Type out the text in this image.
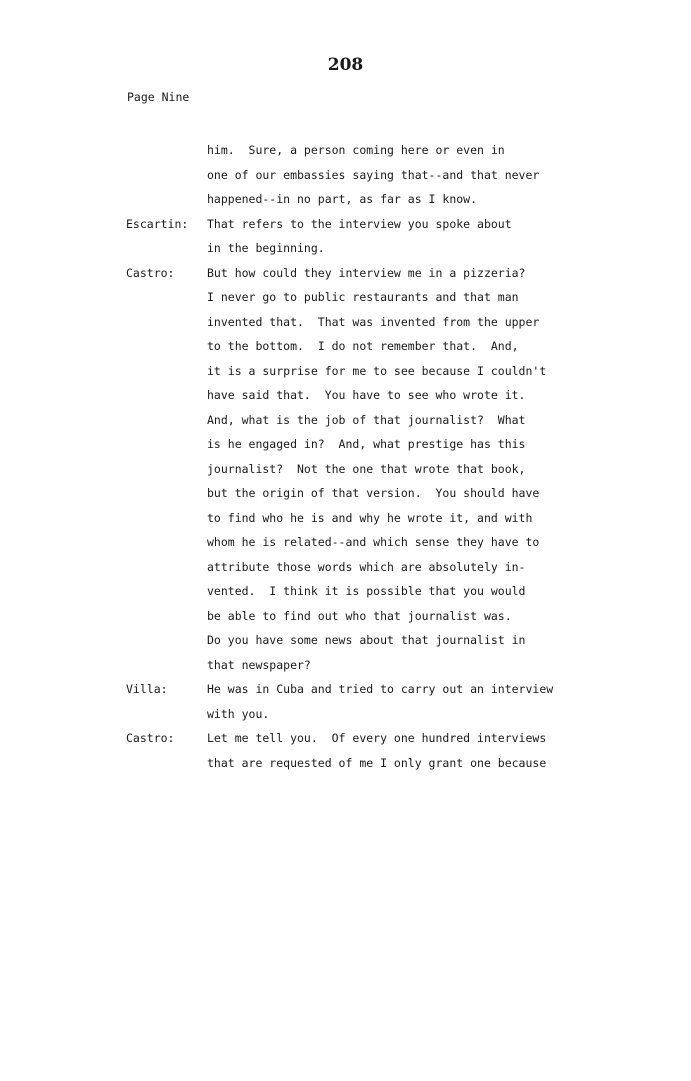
208
Page Nine
him.  Sure, a person coming here or even in
one of our embassies saying that--and that never
happened--in no part, as far as I know.
Escartin: That refers to the interview you spoke about
in the beginning.
Castro:	But how could they interview me in a pizzeria?
I never go to public restaurants and that man
invented that.  That was invented from the upper
to the bottom.  I do not remember that.  And,
it is a surprise for me to see because I couldn't
have said that.  You have to see who wrote it.
And, what is the job of that journalist?  What
is he engaged in?  And, what prestige has this
journalist?  Not the one that wrote that book,
but the origin of that version.  You should have
to find who he is and why he wrote it, and with
whom he is related--and which sense they have to
attribute those words which are absolutely in-
vented.  I think it is possible that you would
be able to find out who that journalist was.
Do you have some news about that journalist in
that newspaper?
Villa:	He was in Cuba and tried to carry out an interview
with you.
Castro:	Let me tell you.  Of every one hundred interviews
that are requested of me I only grant one because
